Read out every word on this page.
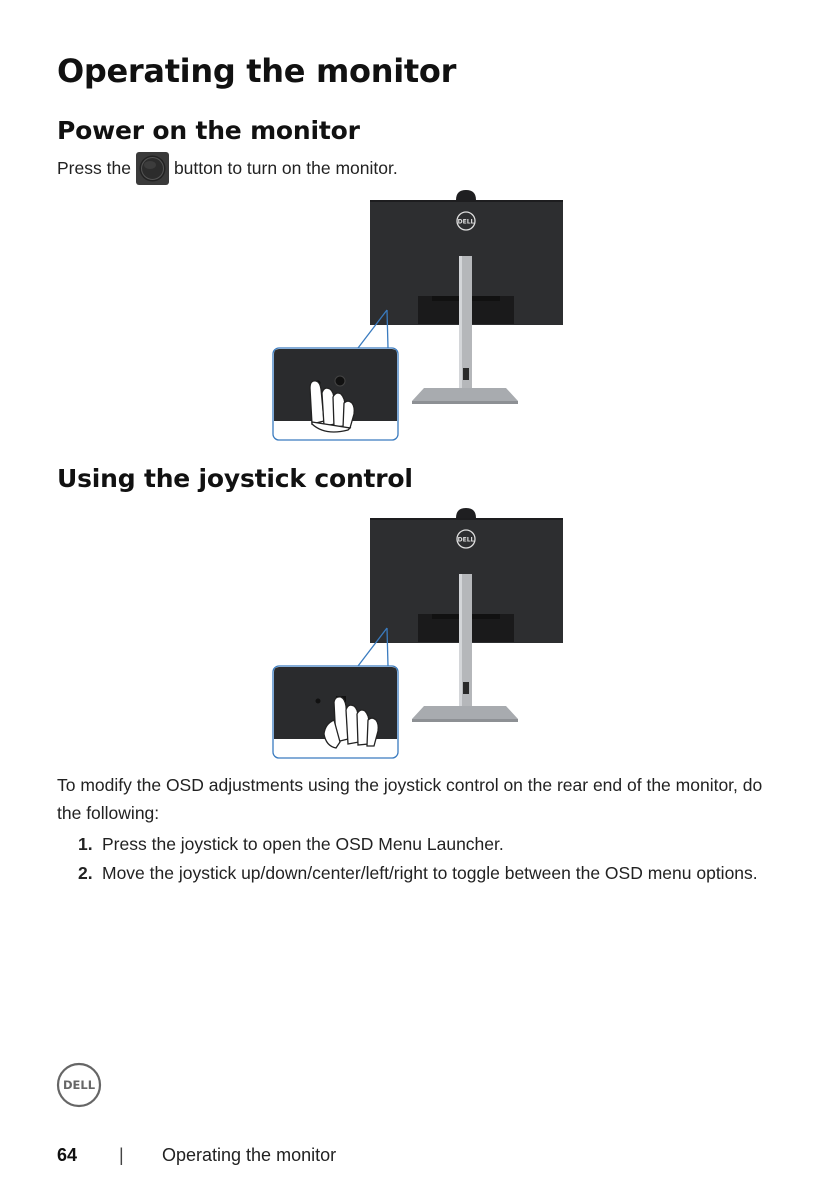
Operating the monitor
Power on the monitor
Press the button to turn on the monitor.
DELL
Using the joystick control
DELL
To modify the OSD adjustments using the joystick control on the rear end of the monitor, do the following:
1. Press the joystick to open the OSD Menu Launcher.
2. Move the joystick up/down/center/left/right to toggle between the OSD menu options.
DELL
64 | Operating the monitor
